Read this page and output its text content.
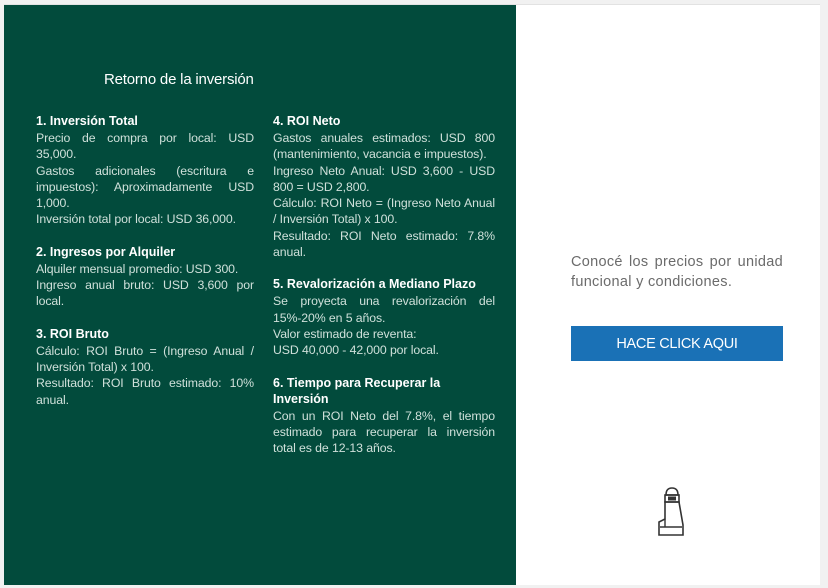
Retorno de la inversión
1. Inversión Total
Precio de compra por local: USD 35,000.
Gastos adicionales (escritura e impuestos): Aproximadamente USD 1,000.
Inversión total por local: USD 36,000.
2. Ingresos por Alquiler
Alquiler mensual promedio: USD 300.
Ingreso anual bruto: USD 3,600 por local.
3. ROI Bruto
Cálculo: ROI Bruto = (Ingreso Anual / Inversión Total) x 100.
Resultado: ROI Bruto estimado: 10% anual.
4. ROI Neto
Gastos anuales estimados: USD 800 (mantenimiento, vacancia e impuestos).
Ingreso Neto Anual: USD 3,600 - USD 800 = USD 2,800.
Cálculo: ROI Neto = (Ingreso Neto Anual / Inversión Total) x 100.
Resultado: ROI Neto estimado: 7.8% anual.
5. Revalorización a Mediano Plazo
Se proyecta una revalorización del 15%-20% en 5 años.
Valor estimado de reventa:
USD 40,000 - 42,000 por local.
6. Tiempo para Recuperar la Inversión
Con un ROI Neto del 7.8%, el tiempo estimado para recuperar la inversión total es de 12-13 años.
Conocé los precios por unidad funcional y condiciones.
HACE CLICK AQUI
